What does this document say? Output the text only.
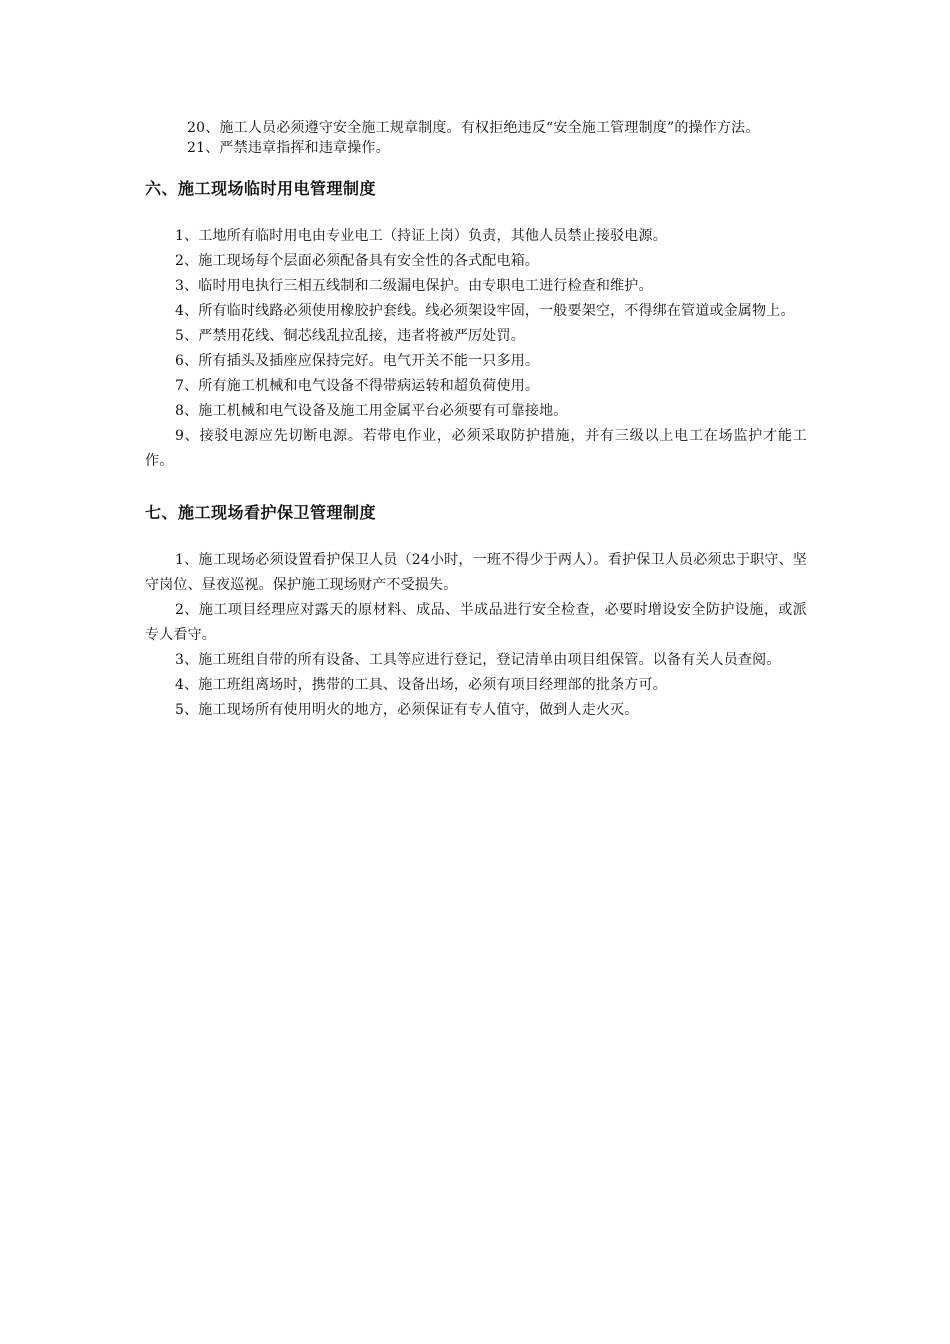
20、施工人员必须遵守安全施工规章制度。有权拒绝违反“安全施工管理制度”的操作方法。

21、严禁违章指挥和违章操作。

六、施工现场临时用电管理制度

1、工地所有临时用电由专业电工（持证上岗）负责，其他人员禁止接驳电源。

2、施工现场每个层面必须配备具有安全性的各式配电箱。

3、临时用电执行三相五线制和二级漏电保护。由专职电工进行检查和维护。

4、所有临时线路必须使用橡胶护套线。线必须架设牢固，一般要架空，不得绑在管道或金属物上。

5、严禁用花线、铜芯线乱拉乱接，违者将被严厉处罚。

6、所有插头及插座应保持完好。电气开关不能一只多用。

7、所有施工机械和电气设备不得带病运转和超负荷使用。

8、施工机械和电气设备及施工用金属平台必须要有可靠接地。

9、接驳电源应先切断电源。若带电作业，必须采取防护措施，并有三级以上电工在场监护才能工作。

七、施工现场看护保卫管理制度

1、施工现场必须设置看护保卫人员（24小时，一班不得少于两人）。看护保卫人员必须忠于职守、坚守岗位、昼夜巡视。保护施工现场财产不受损失。

2、施工项目经理应对露天的原材料、成品、半成品进行安全检查，必要时增设安全防护设施，或派专人看守。

3、施工班组自带的所有设备、工具等应进行登记，登记清单由项目组保管。以备有关人员查阅。

4、施工班组离场时，携带的工具、设备出场，必须有项目经理部的批条方可。

5、施工现场所有使用明火的地方，必须保证有专人值守，做到人走火灭。
